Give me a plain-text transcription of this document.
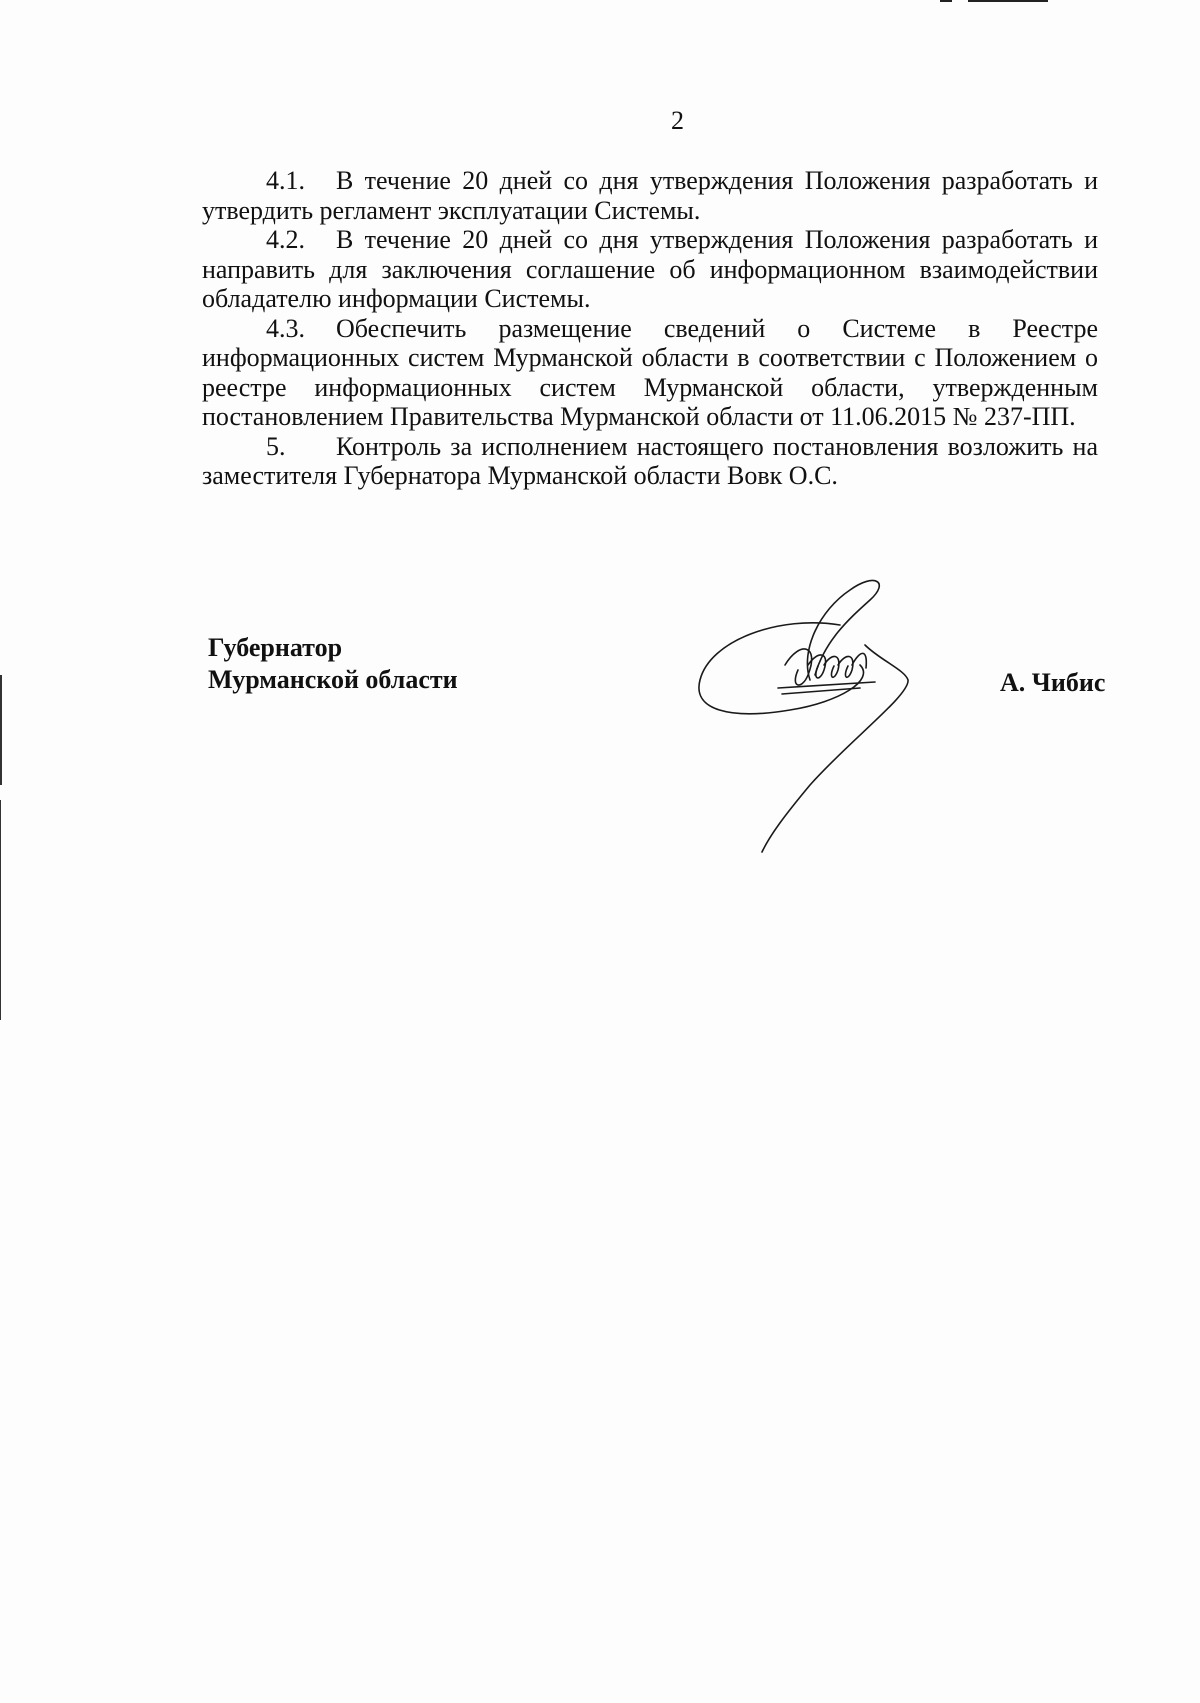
2

4.1. В течение 20 дней со дня утверждения Положения разработать и утвердить регламент эксплуатации Системы.

4.2. В течение 20 дней со дня утверждения Положения разработать и направить для заключения соглашение об информационном взаимодействии обладателю информации Системы.

4.3. Обеспечить размещение сведений о Системе в Реестре информационных систем Мурманской области в соответствии с Положением о реестре информационных систем Мурманской области, утвержденным постановлением Правительства Мурманской области от 11.06.2015 № 237-ПП.

5. Контроль за исполнением настоящего постановления возложить на заместителя Губернатора Мурманской области Вовк О.С.

Губернатор
Мурманской области	А. Чибис
